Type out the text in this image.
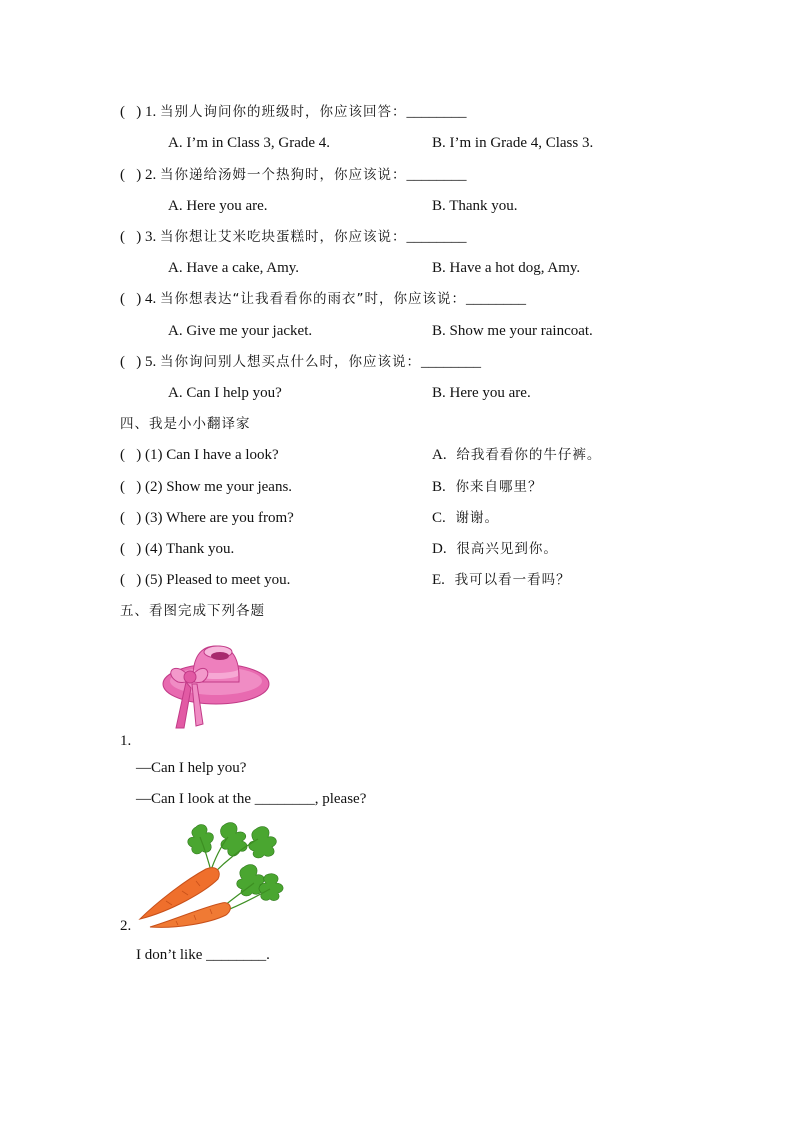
(   ) 1. 当别人询问你的班级时，你应该回答：________
A. I’m in Class 3, Grade 4.	B. I’m in Grade 4, Class 3.
(   ) 2. 当你递给汤姆一个热狗时，你应该说：________
A. Here you are.	B. Thank you.
(   ) 3. 当你想让艾米吃块蛋糕时，你应该说：________
A. Have a cake, Amy.	B. Have a hot dog, Amy.
(   ) 4. 当你想表达“让我看看你的雨衣”时，你应该说：________
A. Give me your jacket.	B. Show me your raincoat.
(   ) 5. 当你询问别人想买点什么时，你应该说：________
A. Can I help you?	B. Here you are.
四、我是小小翻译家
(   ) (1) Can I have a look?	A. 给我看看你的牛仔裤。
(   ) (2) Show me your jeans.	B. 你来自哪里？
(   ) (3) Where are you from?	C. 谢谢。
(   ) (4) Thank you.	D. 很高兴见到你。
(   ) (5) Pleased to meet you.	E. 我可以看一看吗？
五、看图完成下列各题
1.
—Can I help you?
—Can I look at the ________, please?
2.
I don’t like ________.
